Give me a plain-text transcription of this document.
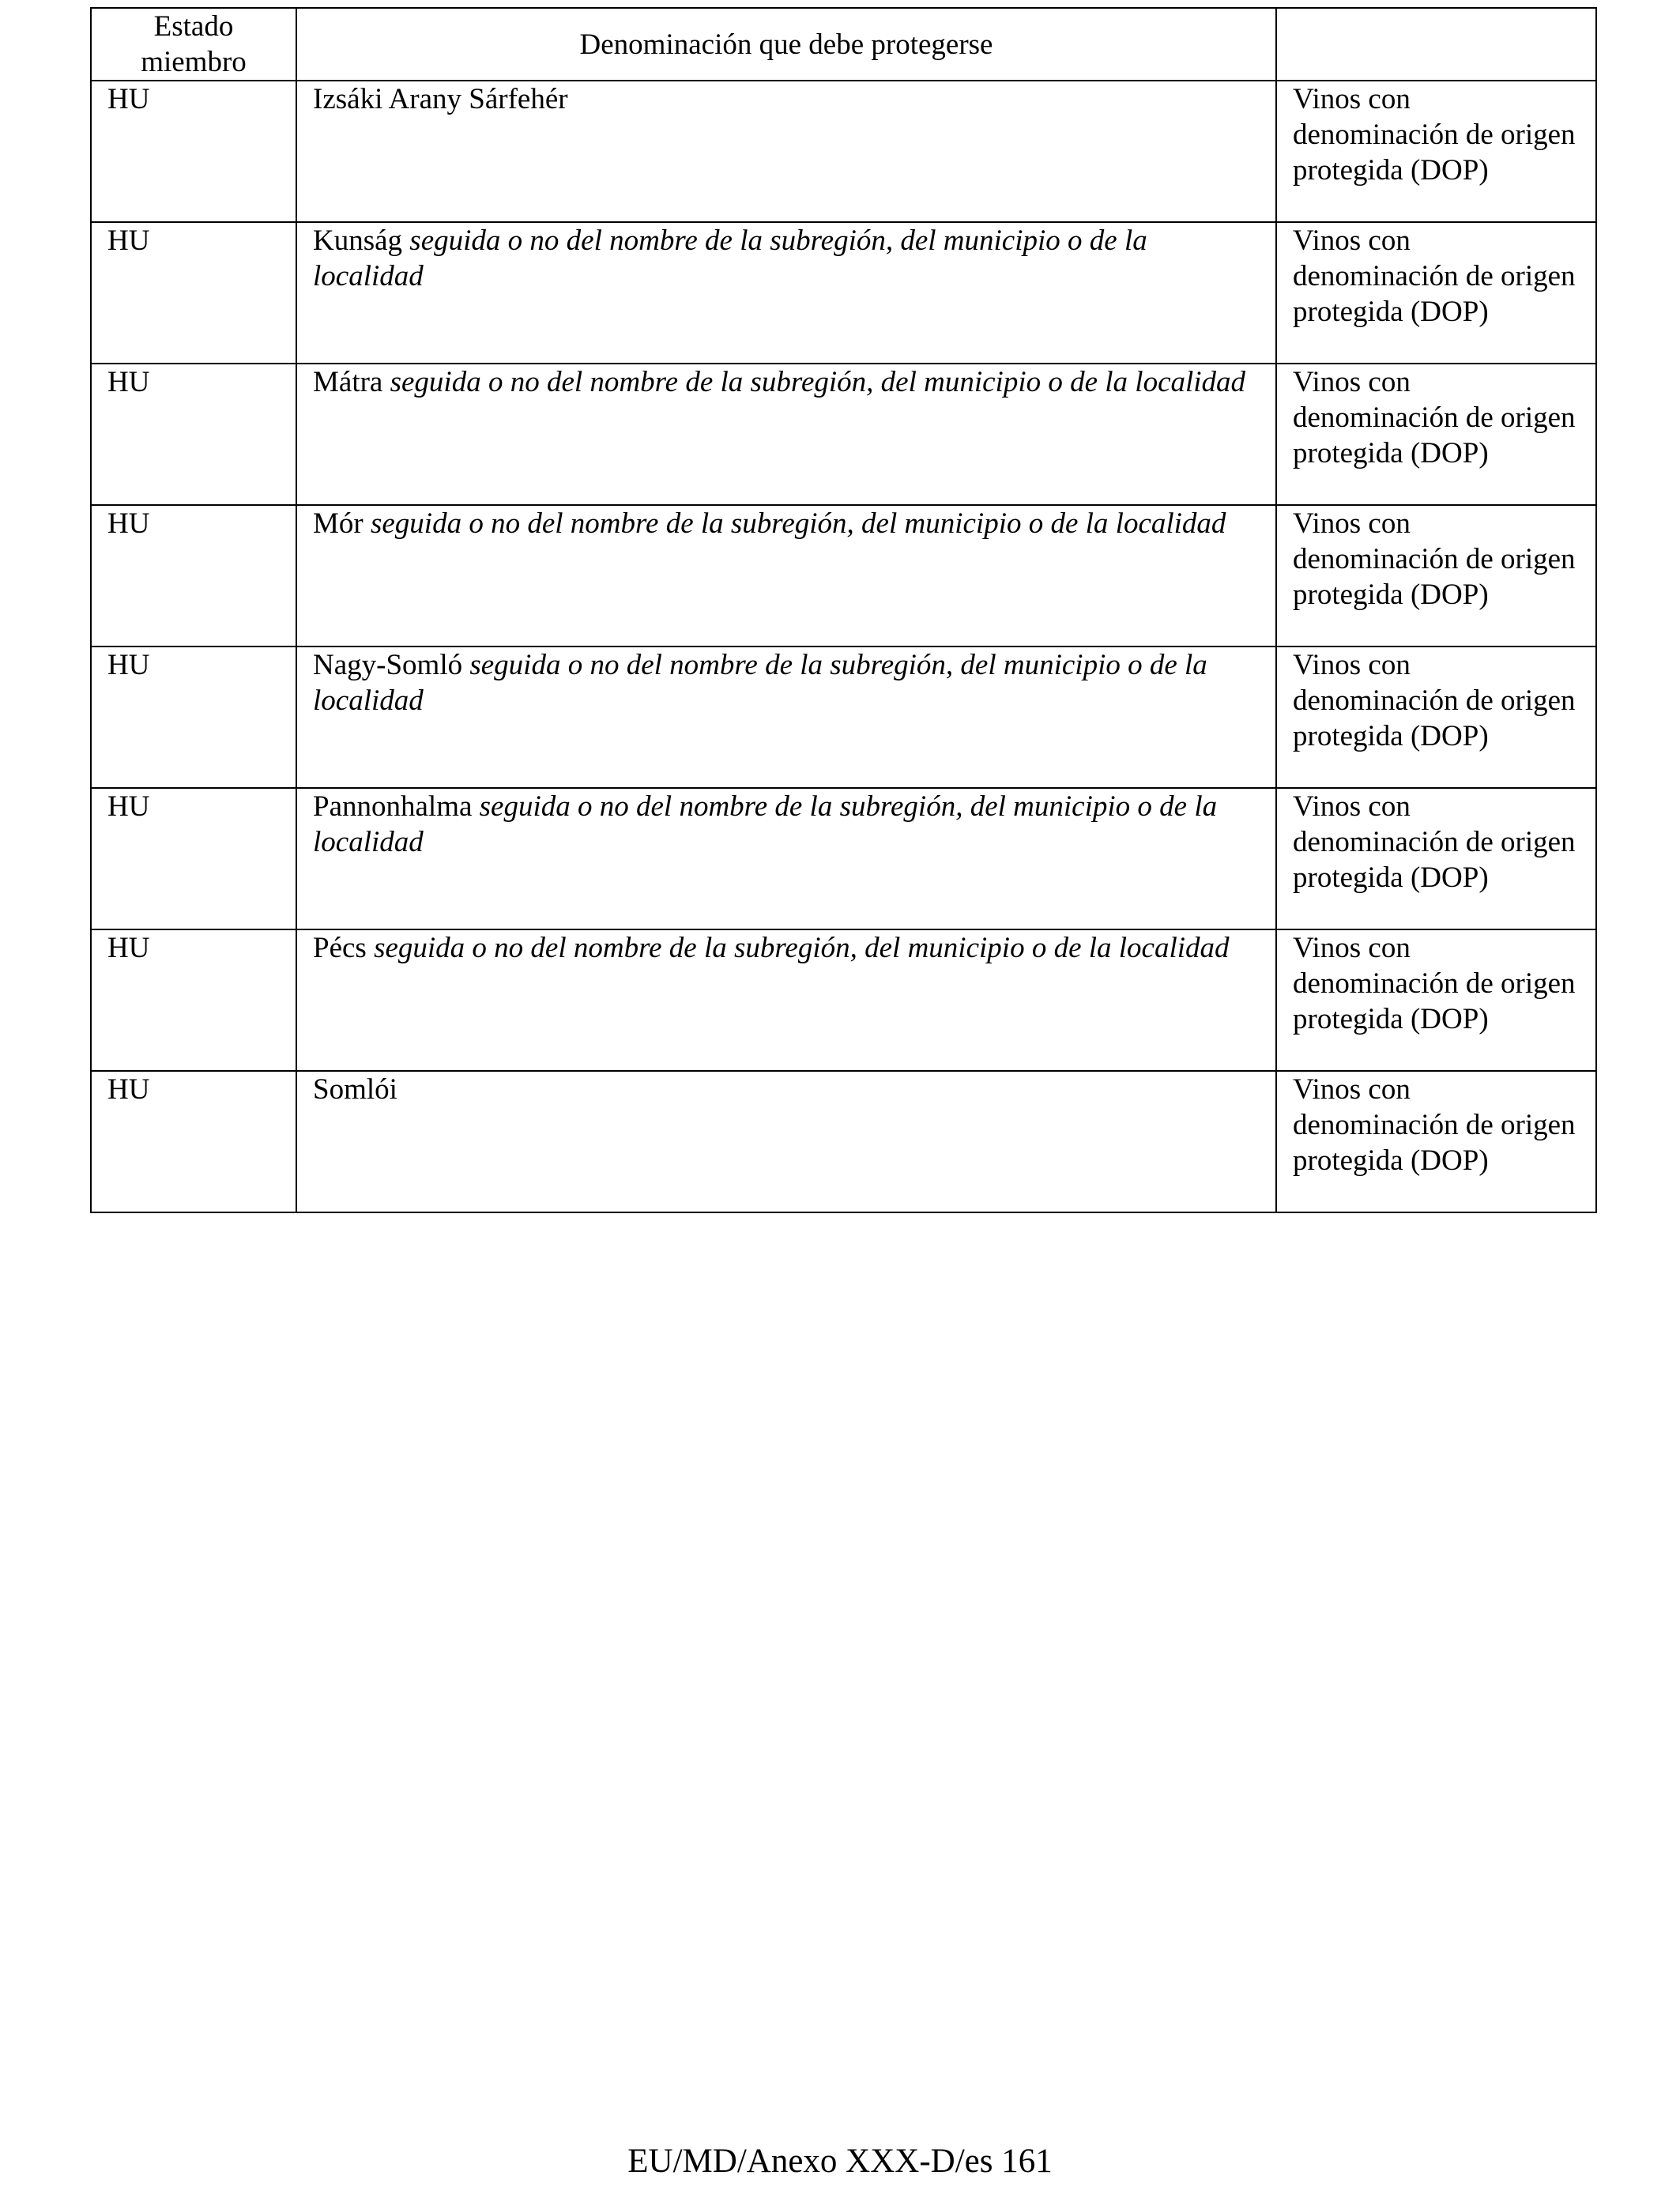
Estado miembro	Denominación que debe protegerse	
HU	Izsáki Arany Sárfehér	Vinos con denominación de origen protegida (DOP)
HU	Kunság seguida o no del nombre de la subregión, del municipio o de la localidad	Vinos con denominación de origen protegida (DOP)
HU	Mátra seguida o no del nombre de la subregión, del municipio o de la localidad	Vinos con denominación de origen protegida (DOP)
HU	Mór seguida o no del nombre de la subregión, del municipio o de la localidad	Vinos con denominación de origen protegida (DOP)
HU	Nagy-Somló seguida o no del nombre de la subregión, del municipio o de la localidad	Vinos con denominación de origen protegida (DOP)
HU	Pannonhalma seguida o no del nombre de la subregión, del municipio o de la localidad	Vinos con denominación de origen protegida (DOP)
HU	Pécs seguida o no del nombre de la subregión, del municipio o de la localidad	Vinos con denominación de origen protegida (DOP)
HU	Somlói	Vinos con denominación de origen protegida (DOP)
EU/MD/Anexo XXX-D/es 161
